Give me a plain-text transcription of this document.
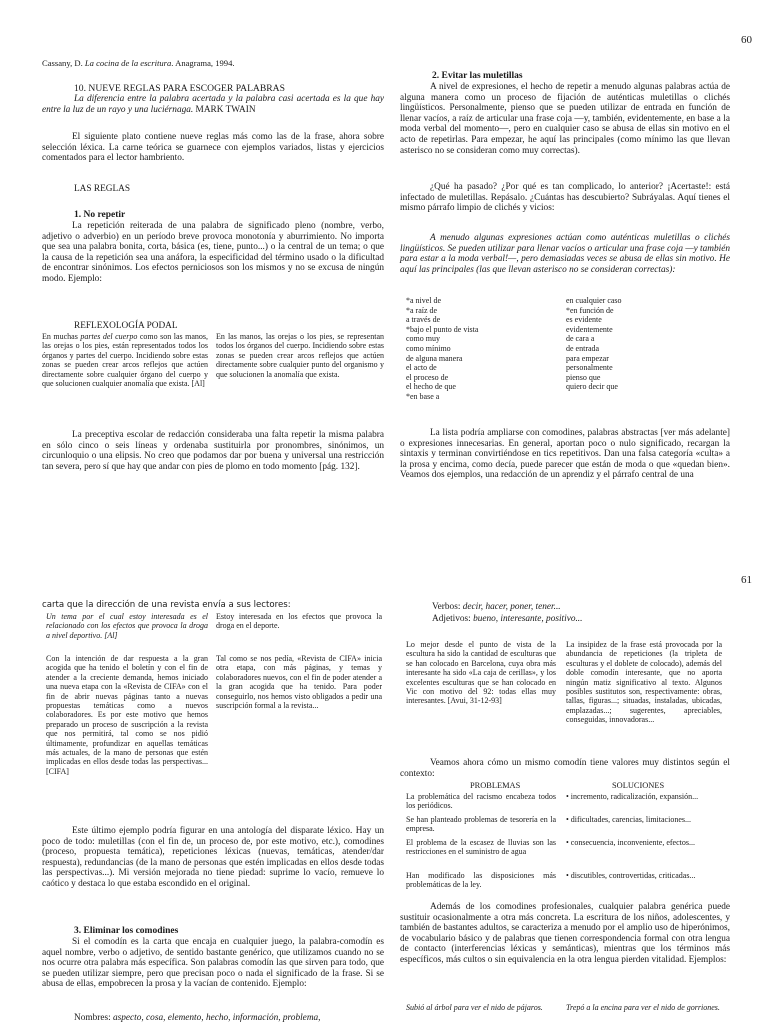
60
Cassany, D. La cocina de la escritura. Anagrama, 1994.
10. NUEVE REGLAS PARA ESCOGER PALABRAS
La diferencia entre la palabra acertada y la palabra casi acertada es la que hay entre la luz de un rayo y una luciérnaga. MARK TWAIN
El siguiente plato contiene nueve reglas más como las de la frase, ahora sobre selección léxica. La carne teórica se guarnece con ejemplos variados, listas y ejercicios comentados para el lector hambriento.
LAS REGLAS
1. No repetir
La repetición reiterada de una palabra de significado pleno (nombre, verbo, adjetivo o adverbio) en un período breve provoca monotonía y aburrimiento. No importa que sea una palabra bonita, corta, básica (es, tiene, punto...) o la central de un tema; o que la causa de la repetición sea una anáfora, la especificidad del término usado o la dificultad de encontrar sinónimos. Los efectos perniciosos son los mismos y no se excusa de ningún modo. Ejemplo:
REFLEXOLOGÍA PODAL
En muchas partes del cuerpo como son las manos, las orejas o los pies, están representados todos los órganos y partes del cuerpo. Incidiendo sobre estas zonas se pueden crear arcos reflejos que actúen directamente sobre cualquier órgano del cuerpo y que solucionen cualquier anomalía que exista. [Al]
En las manos, las orejas o los pies, se representan todos los órganos del cuerpo. Incidiendo sobre estas zonas se pueden crear arcos reflejos que actúen directamente sobre cualquier punto del organismo y que solucionen la anomalía que exista.
La preceptiva escolar de redacción consideraba una falta repetir la misma palabra en sólo cinco o seis líneas y ordenaba sustituirla por pronombres, sinónimos, un circunloquio o una elipsis. No creo que podamos dar por buena y universal una restricción tan severa, pero sí que hay que andar con pies de plomo en todo momento [pág. 132].
2. Evitar las muletillas
A nivel de expresiones, el hecho de repetir a menudo algunas palabras actúa de alguna manera como un proceso de fijación de auténticas muletillas o clichés lingüísticos. Personalmente, pienso que se pueden utilizar de entrada en función de llenar vacíos, a raíz de articular una frase coja —y, también, evidentemente, en base a la moda verbal del momento—, pero en cualquier caso se abusa de ellas sin motivo en el acto de repetirlas. Para empezar, he aquí las principales (como mínimo las que llevan asterisco no se consideran como muy correctas).
¿Qué ha pasado? ¿Por qué es tan complicado, lo anterior? ¡Acertaste!: está infectado de muletillas. Repásalo. ¿Cuántas has descubierto? Subráyalas. Aquí tienes el mismo párrafo limpio de clichés y vicios:
A menudo algunas expresiones actúan como auténticas muletillas o clichés lingüísticos. Se pueden utilizar para llenar vacíos o articular una frase coja —y también para estar a la moda verbal!—, pero demasiadas veces se abusa de ellas sin motivo. He aquí las principales (las que llevan asterisco no se consideran correctas):
*a nivel de
*a raíz de
a través de
*bajo el punto de vista
como muy
como mínimo
de alguna manera
el acto de
el proceso de
el hecho de que
*en base a
en cualquier caso
*en función de
es evidente
evidentemente
de cara a
de entrada
para empezar
personalmente
pienso que
quiero decir que
La lista podría ampliarse con comodines, palabras abstractas [ver más adelante] o expresiones innecesarias. En general, aportan poco o nulo significado, recargan la sintaxis y terminan convirtiéndose en tics repetitivos. Dan una falsa categoría «culta» a la prosa y encima, como decía, puede parecer que están de moda o que «quedan bien». Veamos dos ejemplos, una redacción de un aprendiz y el párrafo central de una
61
carta que la dirección de una revista envía a sus lectores:
Un tema por el cual estoy interesada es el relacionado con los efectos que provoca la droga a nivel deportivo. [Al]
Estoy interesada en los efectos que provoca la droga en el deporte.
Con la intención de dar respuesta a la gran acogida que ha tenido el boletín y con el fin de atender a la creciente demanda, hemos iniciado una nueva etapa con la «Revista de CIFA» con el fin de abrir nuevas páginas tanto a nuevas propuestas temáticas como a nuevos colaboradores. Es por este motivo que hemos preparado un proceso de suscripción a la revista que nos permitirá, tal como se nos pidió últimamente, profundizar en aquellas temáticas más actuales, de la mano de personas que estén implicadas en ellos desde todas las perspectivas... [CIFA]
Tal como se nos pedía, «Revista de CIFA» inicia otra etapa, con más páginas, y temas y colaboradores nuevos, con el fin de poder atender a la gran acogida que ha tenido. Para poder conseguirlo, nos hemos visto obligados a pedir una suscripción formal a la revista...
Este último ejemplo podría figurar en una antología del disparate léxico. Hay un poco de todo: muletillas (con el fin de, un proceso de, por este motivo, etc.), comodines (proceso, propuesta temática), repeticiones léxicas (nuevas, temáticas, atender/dar respuesta), redundancias (de la mano de personas que estén implicadas en ellos desde todas las perspectivas...). Mi versión mejorada no tiene piedad: suprime lo vacío, remueve lo caótico y destaca lo que estaba escondido en el original.
3. Eliminar los comodines
Si el comodín es la carta que encaja en cualquier juego, la palabra-comodín es aquel nombre, verbo o adjetivo, de sentido bastante genérico, que utilizamos cuando no se nos ocurre otra palabra más específica. Son palabras comodín las que sirven para todo, que se pueden utilizar siempre, pero que precisan poco o nada el significado de la frase. Si se abusa de ellas, empobrecen la prosa y la vacían de contenido. Ejemplo:
Nombres: aspecto, cosa, elemento, hecho, información, problema,
Verbos: decir, hacer, poner, tener...
Adjetivos: bueno, interesante, positivo...
Lo mejor desde el punto de vista de la escultura ha sido la cantidad de esculturas que se han colocado en Barcelona, cuya obra más interesante ha sido «La caja de cerillas», y los excelentes esculturas que se han colocado en Vic con motivo del 92: todas ellas muy interesantes. [Avui, 31-12-93]
La insipidez de la frase está provocada por la abundancia de repeticiones (la tripleta de esculturas y el doblete de colocado), además del doble comodín interesante, que no aporta ningún matiz significativo al texto. Algunos posibles sustitutos son, respectivamente: obras, tallas, figuras...; situadas, instaladas, ubicadas, emplazadas...; sugerentes, apreciables, conseguidas, innovadoras...
Veamos ahora cómo un mismo comodín tiene valores muy distintos según el contexto:
PROBLEMAS	SOLUCIONES
La problemática del racismo encabeza todos los periódicos.
Se han planteado problemas de tesorería en la empresa.
El problema de la escasez de lluvias son las restricciones en el suministro de agua
Han modificado las disposiciones más problemáticas de la ley.
• incremento, radicalización, expansión...
• dificultades, carencias, limitaciones...
• consecuencia, inconveniente, efectos...
• discutibles, controvertidas, criticadas...
Además de los comodines profesionales, cualquier palabra genérica puede sustituir ocasionalmente a otra más concreta. La escritura de los niños, adolescentes, y también de bastantes adultos, se caracteriza a menudo por el amplio uso de hiperónimos, de vocabulario básico y de palabras que tienen correspondencia formal con otra lengua de contacto (interferencias léxicas y semánticas), mientras que los términos más específicos, más cultos o sin equivalencia en la otra lengua pierden vitalidad. Ejemplos:
Subió al árbol para ver el nido de pájaros.	Trepó a la encina para ver el nido de gorriones.
